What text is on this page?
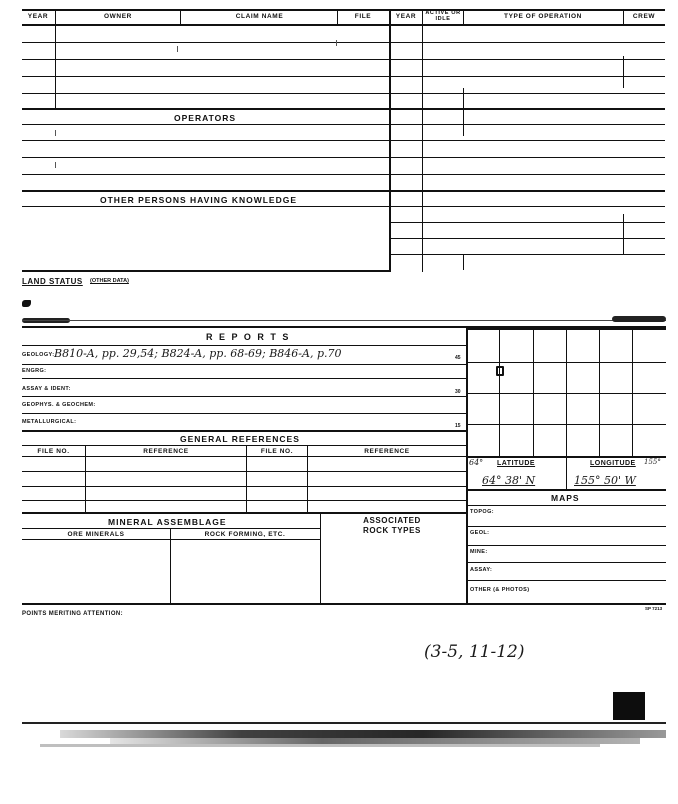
YEAR	OWNER	CLAIM NAME	FILE
OPERATORS
OTHER PERSONS HAVING KNOWLEDGE
YEAR	ACTIVE OR IDLE	TYPE OF OPERATION	CREW
LAND STATUS (OTHER DATA)
R E P O R T S
GEOLOGY: B810-A, pp. 29,54; B824-A, pp. 68-69; B846-A, p.70	45
ENGRG:
ASSAY & IDENT:	30
GEOPHYS. & GEOCHEM:
METALLURGICAL:
15
GENERAL REFERENCES
FILE NO.	REFERENCE	FILE NO.	REFERENCE
MINERAL ASSEMBLAGE
ORE MINERALS	ROCK FORMING, ETC.
ASSOCIATED ROCK TYPES
64° LATITUDE	LONGITUDE 155°
64° 38' N	155° 50' W
MAPS
TOPOG:
GEOL:
MINE:
ASSAY:
OTHER (& PHOTOS)
POINTS MERITING ATTENTION:
SP 7213
(3-5, 11-12)
